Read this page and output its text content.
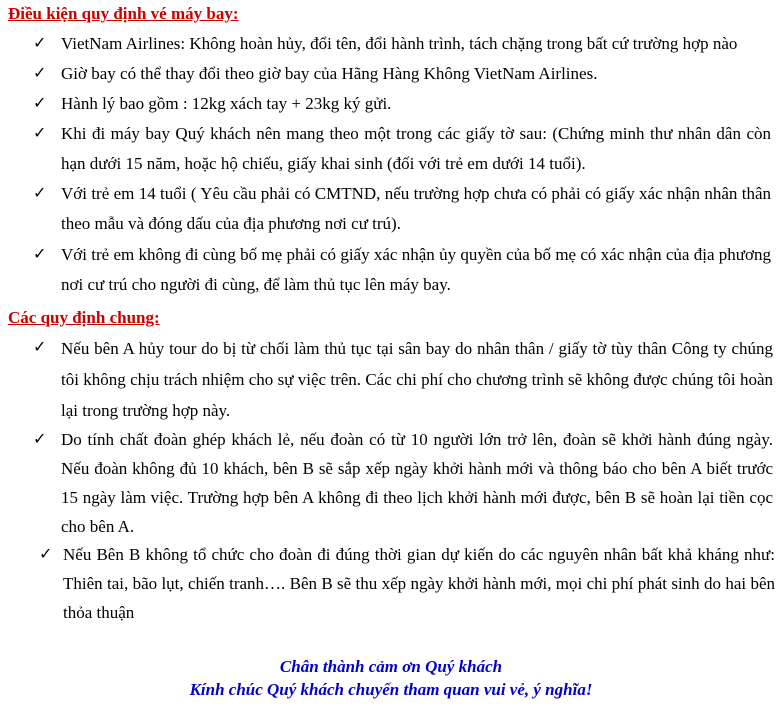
Điều kiện quy định vé máy bay:
✓ VietNam Airlines: Không hoàn hủy, đổi tên, đổi hành trình, tách chặng trong bất cứ trường hợp nào
✓ Giờ bay có thể thay đổi theo giờ bay của Hãng Hàng Không VietNam Airlines.
✓ Hành lý bao gồm : 12kg xách tay + 23kg ký gửi.
✓ Khi đi máy bay Quý khách nên mang theo một trong các giấy tờ sau: (Chứng minh thư nhân dân còn hạn dưới 15 năm, hoặc hộ chiếu, giấy khai sinh (đối với trẻ em dưới 14 tuổi).
✓ Với trẻ em 14 tuổi ( Yêu cầu phải có CMTND, nếu trường hợp chưa có phải có giấy xác nhận nhân thân theo mẫu và đóng dấu của địa phương nơi cư trú).
✓ Với trẻ em không đi cùng bố mẹ phải có giấy xác nhận ủy quyền của bố mẹ có xác nhận của địa phương nơi cư trú cho người đi cùng, để làm thủ tục lên máy bay.
Các quy định chung:
✓ Nếu bên A hủy tour do bị từ chối làm thủ tục tại sân bay do nhân thân / giấy tờ tùy thân Công ty chúng tôi không chịu trách nhiệm cho sự việc trên. Các chi phí cho chương trình sẽ không được chúng tôi hoàn lại trong trường hợp này.
✓ Do tính chất đoàn ghép khách lẻ, nếu đoàn có từ 10 người lớn trở lên, đoàn sẽ khởi hành đúng ngày. Nếu đoàn không đủ 10 khách, bên B sẽ sắp xếp ngày khởi hành mới và thông báo cho bên A biết trước 15 ngày làm việc. Trường hợp bên A không đi theo lịch khởi hành mới được, bên B sẽ hoàn lại tiền cọc cho bên A.
✓ Nếu Bên B không tổ chức cho đoàn đi đúng thời gian dự kiến do các nguyên nhân bất khả kháng như: Thiên tai, bão lụt, chiến tranh…. Bên B sẽ thu xếp ngày khởi hành mới, mọi chi phí phát sinh do hai bên thỏa thuận
Chân thành cảm ơn Quý khách
Kính chúc Quý khách chuyến tham quan vui vẻ, ý nghĩa!
